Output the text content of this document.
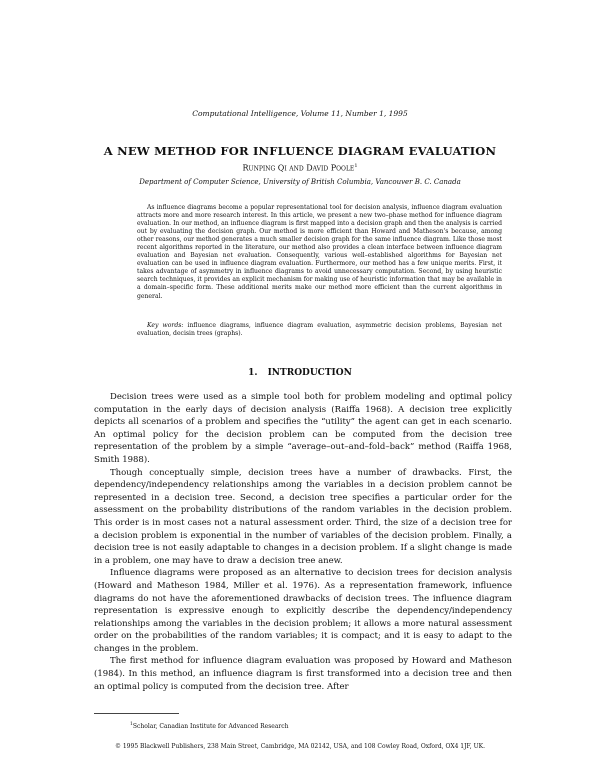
Computational Intelligence, Volume 11, Number 1, 1995
A NEW METHOD FOR INFLUENCE DIAGRAM EVALUATION
Runping Qi and David Poole$^1$
Department of Computer Science, University of British Columbia, Vancouver B. C. Canada

As influence diagrams become a popular representational tool for decision analysis, influence diagram evaluation attracts more and more research interest. In this article, we present a new two–phase method for influence diagram evaluation. In our method, an influence diagram is first mapped into a decision graph and then the analysis is carried out by evaluating the decision graph. Our method is more efficient than Howard and Matheson's because, among other reasons, our method generates a much smaller decision graph for the same influence diagram. Like those most recent algorithms reported in the literature, our method also provides a clean interface between influence diagram evaluation and Bayesian net evaluation. Consequently, various well–established algorithms for Bayesian net evaluation can be used in influence diagram evaluation. Furthermore, our method has a few unique merits. First, it takes advantage of asymmetry in influence diagrams to avoid unnecessary computation. Second, by using heuristic search techniques, it provides an explicit mechanism for making use of heuristic information that may be available in a domain–specific form. These additional merits make our method more efficient than the current algorithms in general.

Key words: influence diagrams, influence diagram evaluation, asymmetric decision problems, Bayesian net evaluation, decisin trees (graphs).

1. INTRODUCTION

Decision trees were used as a simple tool both for problem modeling and optimal policy computation in the early days of decision analysis (Raiffa 1968). A decision tree explicitly depicts all scenarios of a problem and specifies the “utility” the agent can get in each scenario. An optimal policy for the decision problem can be computed from the decision tree representation of the problem by a simple “average–out–and–fold–back” method (Raiffa 1968, Smith 1988).

Though conceptually simple, decision trees have a number of drawbacks. First, the dependency/independency relationships among the variables in a decision problem cannot be represented in a decision tree. Second, a decision tree specifies a particular order for the assessment on the probability distributions of the random variables in the decision problem. This order is in most cases not a natural assessment order. Third, the size of a decision tree for a decision problem is exponential in the number of variables of the decision problem. Finally, a decision tree is not easily adaptable to changes in a decision problem. If a slight change is made in a problem, one may have to draw a decision tree anew.

Influence diagrams were proposed as an alternative to decision trees for decision analysis (Howard and Matheson 1984, Miller et al. 1976). As a representation framework, influence diagrams do not have the aforementioned drawbacks of decision trees. The influence diagram representation is expressive enough to explicitly describe the dependency/independency relationships among the variables in the decision problem; it allows a more natural assessment order on the probabilities of the random variables; it is compact; and it is easy to adapt to the changes in the problem.

The first method for influence diagram evaluation was proposed by Howard and Matheson (1984). In this method, an influence diagram is first transformed into a decision tree and then an optimal policy is computed from the decision tree. After

$^1$Scholar, Canadian Institute for Advanced Research
© 1995 Blackwell Publishers, 238 Main Street, Cambridge, MA 02142, USA, and 108 Cowley Road, Oxford, OX4 1JF, UK.
